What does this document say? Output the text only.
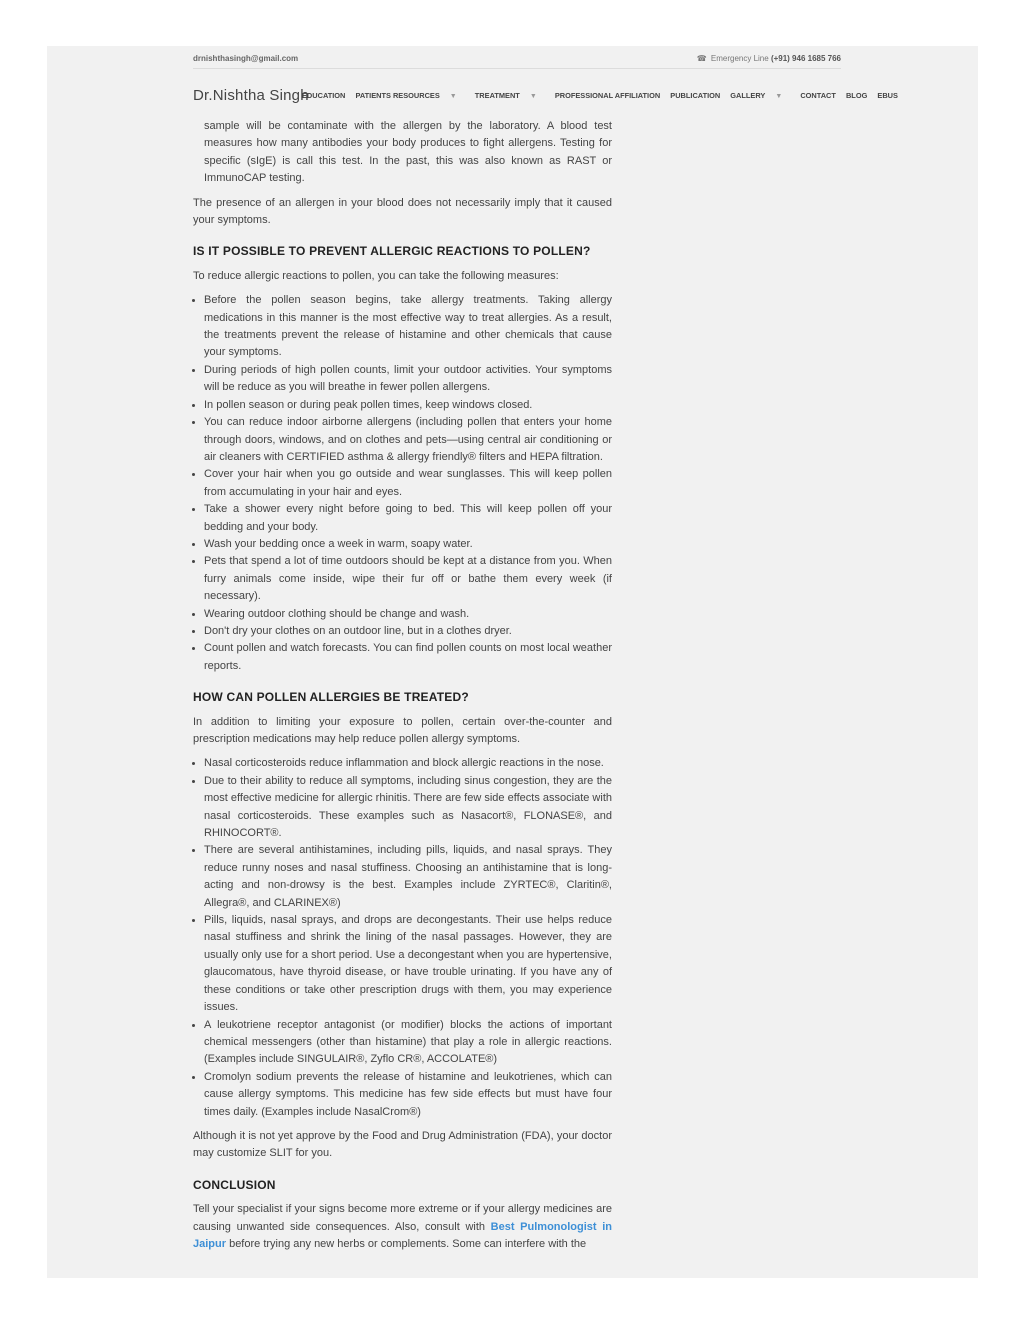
drnishthasingh@gmail.com	☎ Emergency Line (+91) 946 1685 766
Dr.Nishtha Singh
EDUCATION PATIENTS RESOURCES ▼ TREATMENT ▼ PROFESSIONAL AFFILIATION PUBLICATION GALLERY ▼ CONTACT BLOG EBUS
sample will be contaminate with the allergen by the laboratory. A blood test measures how many antibodies your body produces to fight allergens. Testing for specific (sIgE) is call this test. In the past, this was also known as RAST or ImmunoCAP testing.

The presence of an allergen in your blood does not necessarily imply that it caused your symptoms.

IS IT POSSIBLE TO PREVENT ALLERGIC REACTIONS TO POLLEN?

To reduce allergic reactions to pollen, you can take the following measures:

• Before the pollen season begins, take allergy treatments. Taking allergy medications in this manner is the most effective way to treat allergies. As a result, the treatments prevent the release of histamine and other chemicals that cause your symptoms.
• During periods of high pollen counts, limit your outdoor activities. Your symptoms will be reduce as you will breathe in fewer pollen allergens.
• In pollen season or during peak pollen times, keep windows closed.
• You can reduce indoor airborne allergens (including pollen that enters your home through doors, windows, and on clothes and pets—using central air conditioning or air cleaners with CERTIFIED asthma & allergy friendly® filters and HEPA filtration.
• Cover your hair when you go outside and wear sunglasses. This will keep pollen from accumulating in your hair and eyes.
• Take a shower every night before going to bed. This will keep pollen off your bedding and your body.
• Wash your bedding once a week in warm, soapy water.
• Pets that spend a lot of time outdoors should be kept at a distance from you. When furry animals come inside, wipe their fur off or bathe them every week (if necessary).
• Wearing outdoor clothing should be change and wash.
• Don't dry your clothes on an outdoor line, but in a clothes dryer.
• Count pollen and watch forecasts. You can find pollen counts on most local weather reports.
HOW CAN POLLEN ALLERGIES BE TREATED?

In addition to limiting your exposure to pollen, certain over-the-counter and prescription medications may help reduce pollen allergy symptoms.

• Nasal corticosteroids reduce inflammation and block allergic reactions in the nose.
• Due to their ability to reduce all symptoms, including sinus congestion, they are the most effective medicine for allergic rhinitis. There are few side effects associate with nasal corticosteroids. These examples such as Nasacort®, FLONASE®, and RHINOCORT®.
• There are several antihistamines, including pills, liquids, and nasal sprays. They reduce runny noses and nasal stuffiness. Choosing an antihistamine that is long-acting and non-drowsy is the best. Examples include ZYRTEC®, Claritin®, Allegra®, and CLARINEX®)
• Pills, liquids, nasal sprays, and drops are decongestants. Their use helps reduce nasal stuffiness and shrink the lining of the nasal passages. However, they are usually only use for a short period. Use a decongestant when you are hypertensive, glaucomatous, have thyroid disease, or have trouble urinating. If you have any of these conditions or take other prescription drugs with them, you may experience issues.
• A leukotriene receptor antagonist (or modifier) blocks the actions of important chemical messengers (other than histamine) that play a role in allergic reactions. (Examples include SINGULAIR®, Zyflo CR®, ACCOLATE®)
• Cromolyn sodium prevents the release of histamine and leukotrienes, which can cause allergy symptoms. This medicine has few side effects but must have four times daily. (Examples include NasalCrom®)

Although it is not yet approve by the Food and Drug Administration (FDA), your doctor may customize SLIT for you.

CONCLUSION

Tell your specialist if your signs become more extreme or if your allergy medicines are causing unwanted side consequences. Also, consult with Best Pulmonologist in Jaipur before trying any new herbs or complements. Some can interfere with the
